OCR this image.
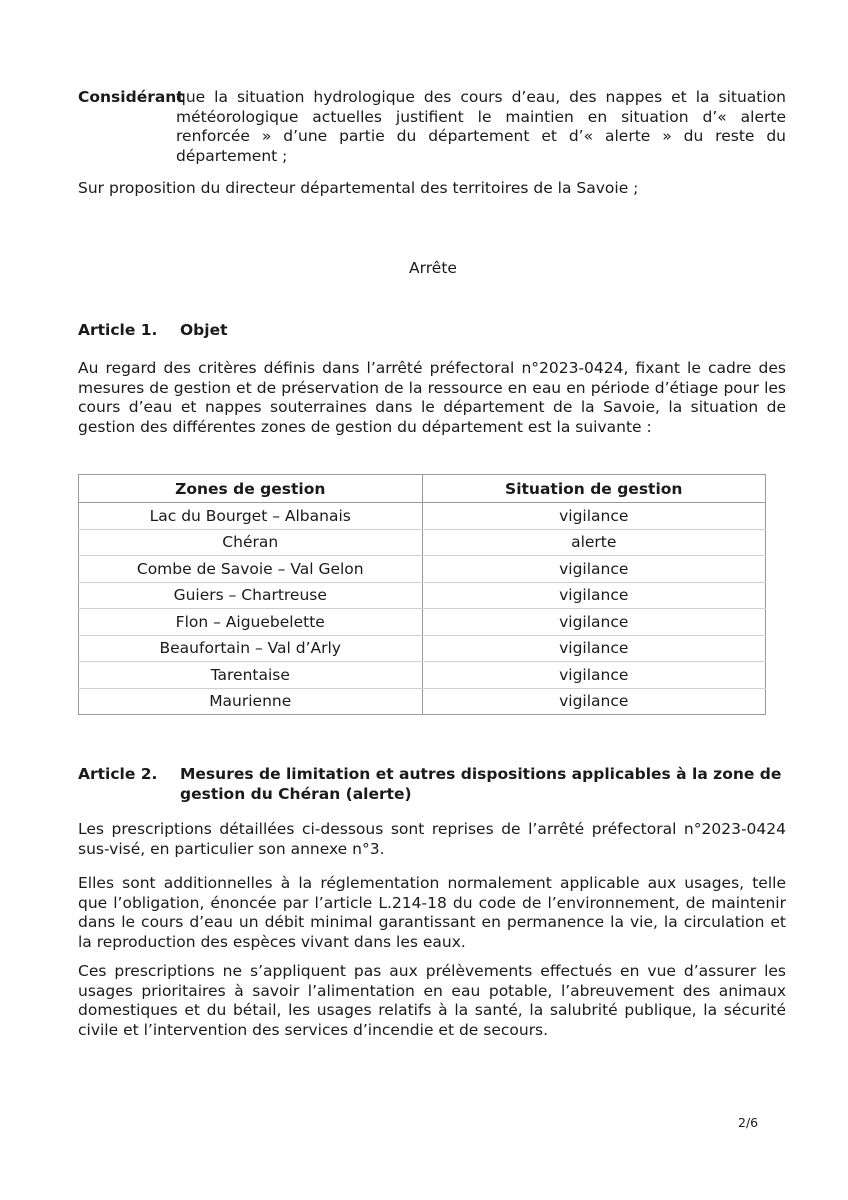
Considérant
que la situation hydrologique des cours d’eau, des nappes et la situation météorologique actuelles justifient le maintien en situation d’« alerte renforcée » d’une partie du département et d’« alerte » du reste du département ;
Sur proposition du directeur départemental des territoires de la Savoie ;
Arrête
Article 1.	Objet
Au regard des critères définis dans l’arrêté préfectoral n°2023-0424, fixant le cadre des mesures de gestion et de préservation de la ressource en eau en période d’étiage pour les cours d’eau et nappes souterraines dans le département de la Savoie, la situation de gestion des différentes zones de gestion du département est la suivante :
Zones de gestion	Situation de gestion
Lac du Bourget – Albanais	vigilance
Chéran	alerte
Combe de Savoie – Val Gelon	vigilance
Guiers – Chartreuse	vigilance
Flon – Aiguebelette	vigilance
Beaufortain – Val d’Arly	vigilance
Tarentaise	vigilance
Maurienne	vigilance
Article 2.	Mesures de limitation et autres dispositions applicables à la zone de gestion du Chéran (alerte)
Les prescriptions détaillées ci-dessous sont reprises de l’arrêté préfectoral n°2023-0424 sus-visé, en particulier son annexe n°3.
Elles sont additionnelles à la réglementation normalement applicable aux usages, telle que l’obligation, énoncée par l’article L.214-18 du code de l’environnement, de maintenir dans le cours d’eau un débit minimal garantissant en permanence la vie, la circulation et la reproduction des espèces vivant dans les eaux.
Ces prescriptions ne s’appliquent pas aux prélèvements effectués en vue d’assurer les usages prioritaires à savoir l’alimentation en eau potable, l’abreuvement des animaux domestiques et du bétail, les usages relatifs à la santé, la salubrité publique, la sécurité civile et l’intervention des services d’incendie et de secours.
2/6
